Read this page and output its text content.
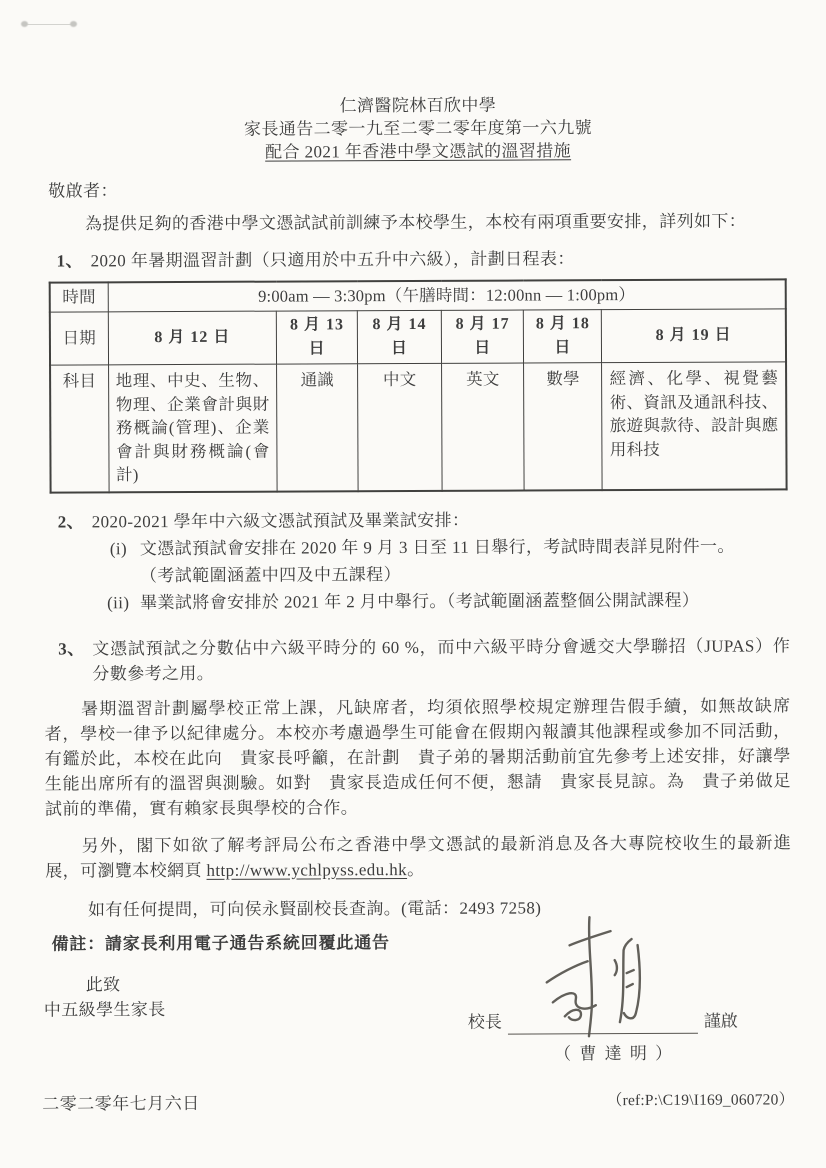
仁濟醫院林百欣中學
家長通告二零一九至二零二零年度第一六九號
配合 2021 年香港中學文憑試的溫習措施
敬啟者：
為提供足夠的香港中學文憑試試前訓練予本校學生，本校有兩項重要安排，詳列如下：
1、 2020 年暑期溫習計劃（只適用於中五升中六級），計劃日程表：
時間	9:00am — 3:30pm（午膳時間：12:00nn — 1:00pm）					
日期	8 月 12 日	8 月 13 日	8 月 14 日	8 月 17 日	8 月 18 日	8 月 19 日
科目	地理、中史、生物、物理、企業會計與財務概論(管理)、企業會計與財務概論(會計)	通識	中文	英文	數學	經濟、化學、視覺藝術、資訊及通訊科技、旅遊與款待、設計與應用科技
2、 2020-2021 學年中六級文憑試預試及畢業試安排：
(i) 文憑試預試會安排在 2020 年 9 月 3 日至 11 日舉行，考試時間表詳見附件一。
（考試範圍涵蓋中四及中五課程）
(ii) 畢業試將會安排於 2021 年 2 月中舉行。（考試範圍涵蓋整個公開試課程）
3、 文憑試預試之分數佔中六級平時分的 60 %，而中六級平時分會遞交大學聯招（JUPAS）作分數參考之用。
暑期溫習計劃屬學校正常上課，凡缺席者，均須依照學校規定辦理告假手續，如無故缺席者，學校一律予以紀律處分。本校亦考慮過學生可能會在假期內報讀其他課程或參加不同活動，有鑑於此，本校在此向　貴家長呼籲，在計劃　貴子弟的暑期活動前宜先參考上述安排，好讓學生能出席所有的溫習與測驗。如對　貴家長造成任何不便，懇請　貴家長見諒。為　貴子弟做足試前的準備，實有賴家長與學校的合作。
另外，閣下如欲了解考評局公布之香港中學文憑試的最新消息及各大專院校收生的最新進展，可瀏覽本校網頁 http://www.ychlpyss.edu.hk。
如有任何提問，可向侯永賢副校長查詢。(電話：2493 7258)
備註：請家長利用電子通告系統回覆此通告
此致
中五級學生家長
校長	謹啟
（ 曹 達 明 ）
二零二零年七月六日	（ref:P:\C19\I169_060720）
